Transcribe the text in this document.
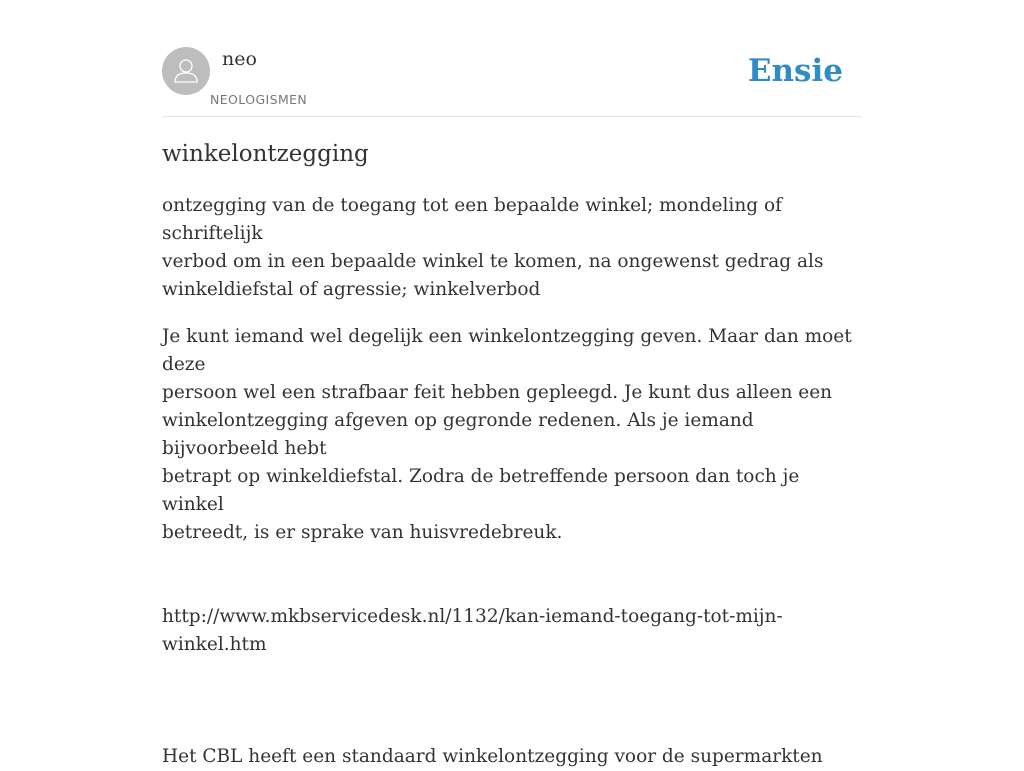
neo
NEOLOGISMEN
Ensie
winkelontzegging

ontzegging van de toegang tot een bepaalde winkel; mondeling of schriftelijk
verbod om in een bepaalde winkel te komen, na ongewenst gedrag als
winkeldiefstal of agressie; winkelverbod

Je kunt iemand wel degelijk een winkelontzegging geven. Maar dan moet deze
persoon wel een strafbaar feit hebben gepleegd. Je kunt dus alleen een
winkelontzegging afgeven op gegronde redenen. Als je iemand bijvoorbeeld hebt
betrapt op winkeldiefstal. Zodra de betreffende persoon dan toch je winkel
betreedt, is er sprake van huisvredebreuk.

http://www.mkbservicedesk.nl/1132/kan-iemand-toegang-tot-mijn-winkel.htm

Het CBL heeft een standaard winkelontzegging voor de supermarkten
